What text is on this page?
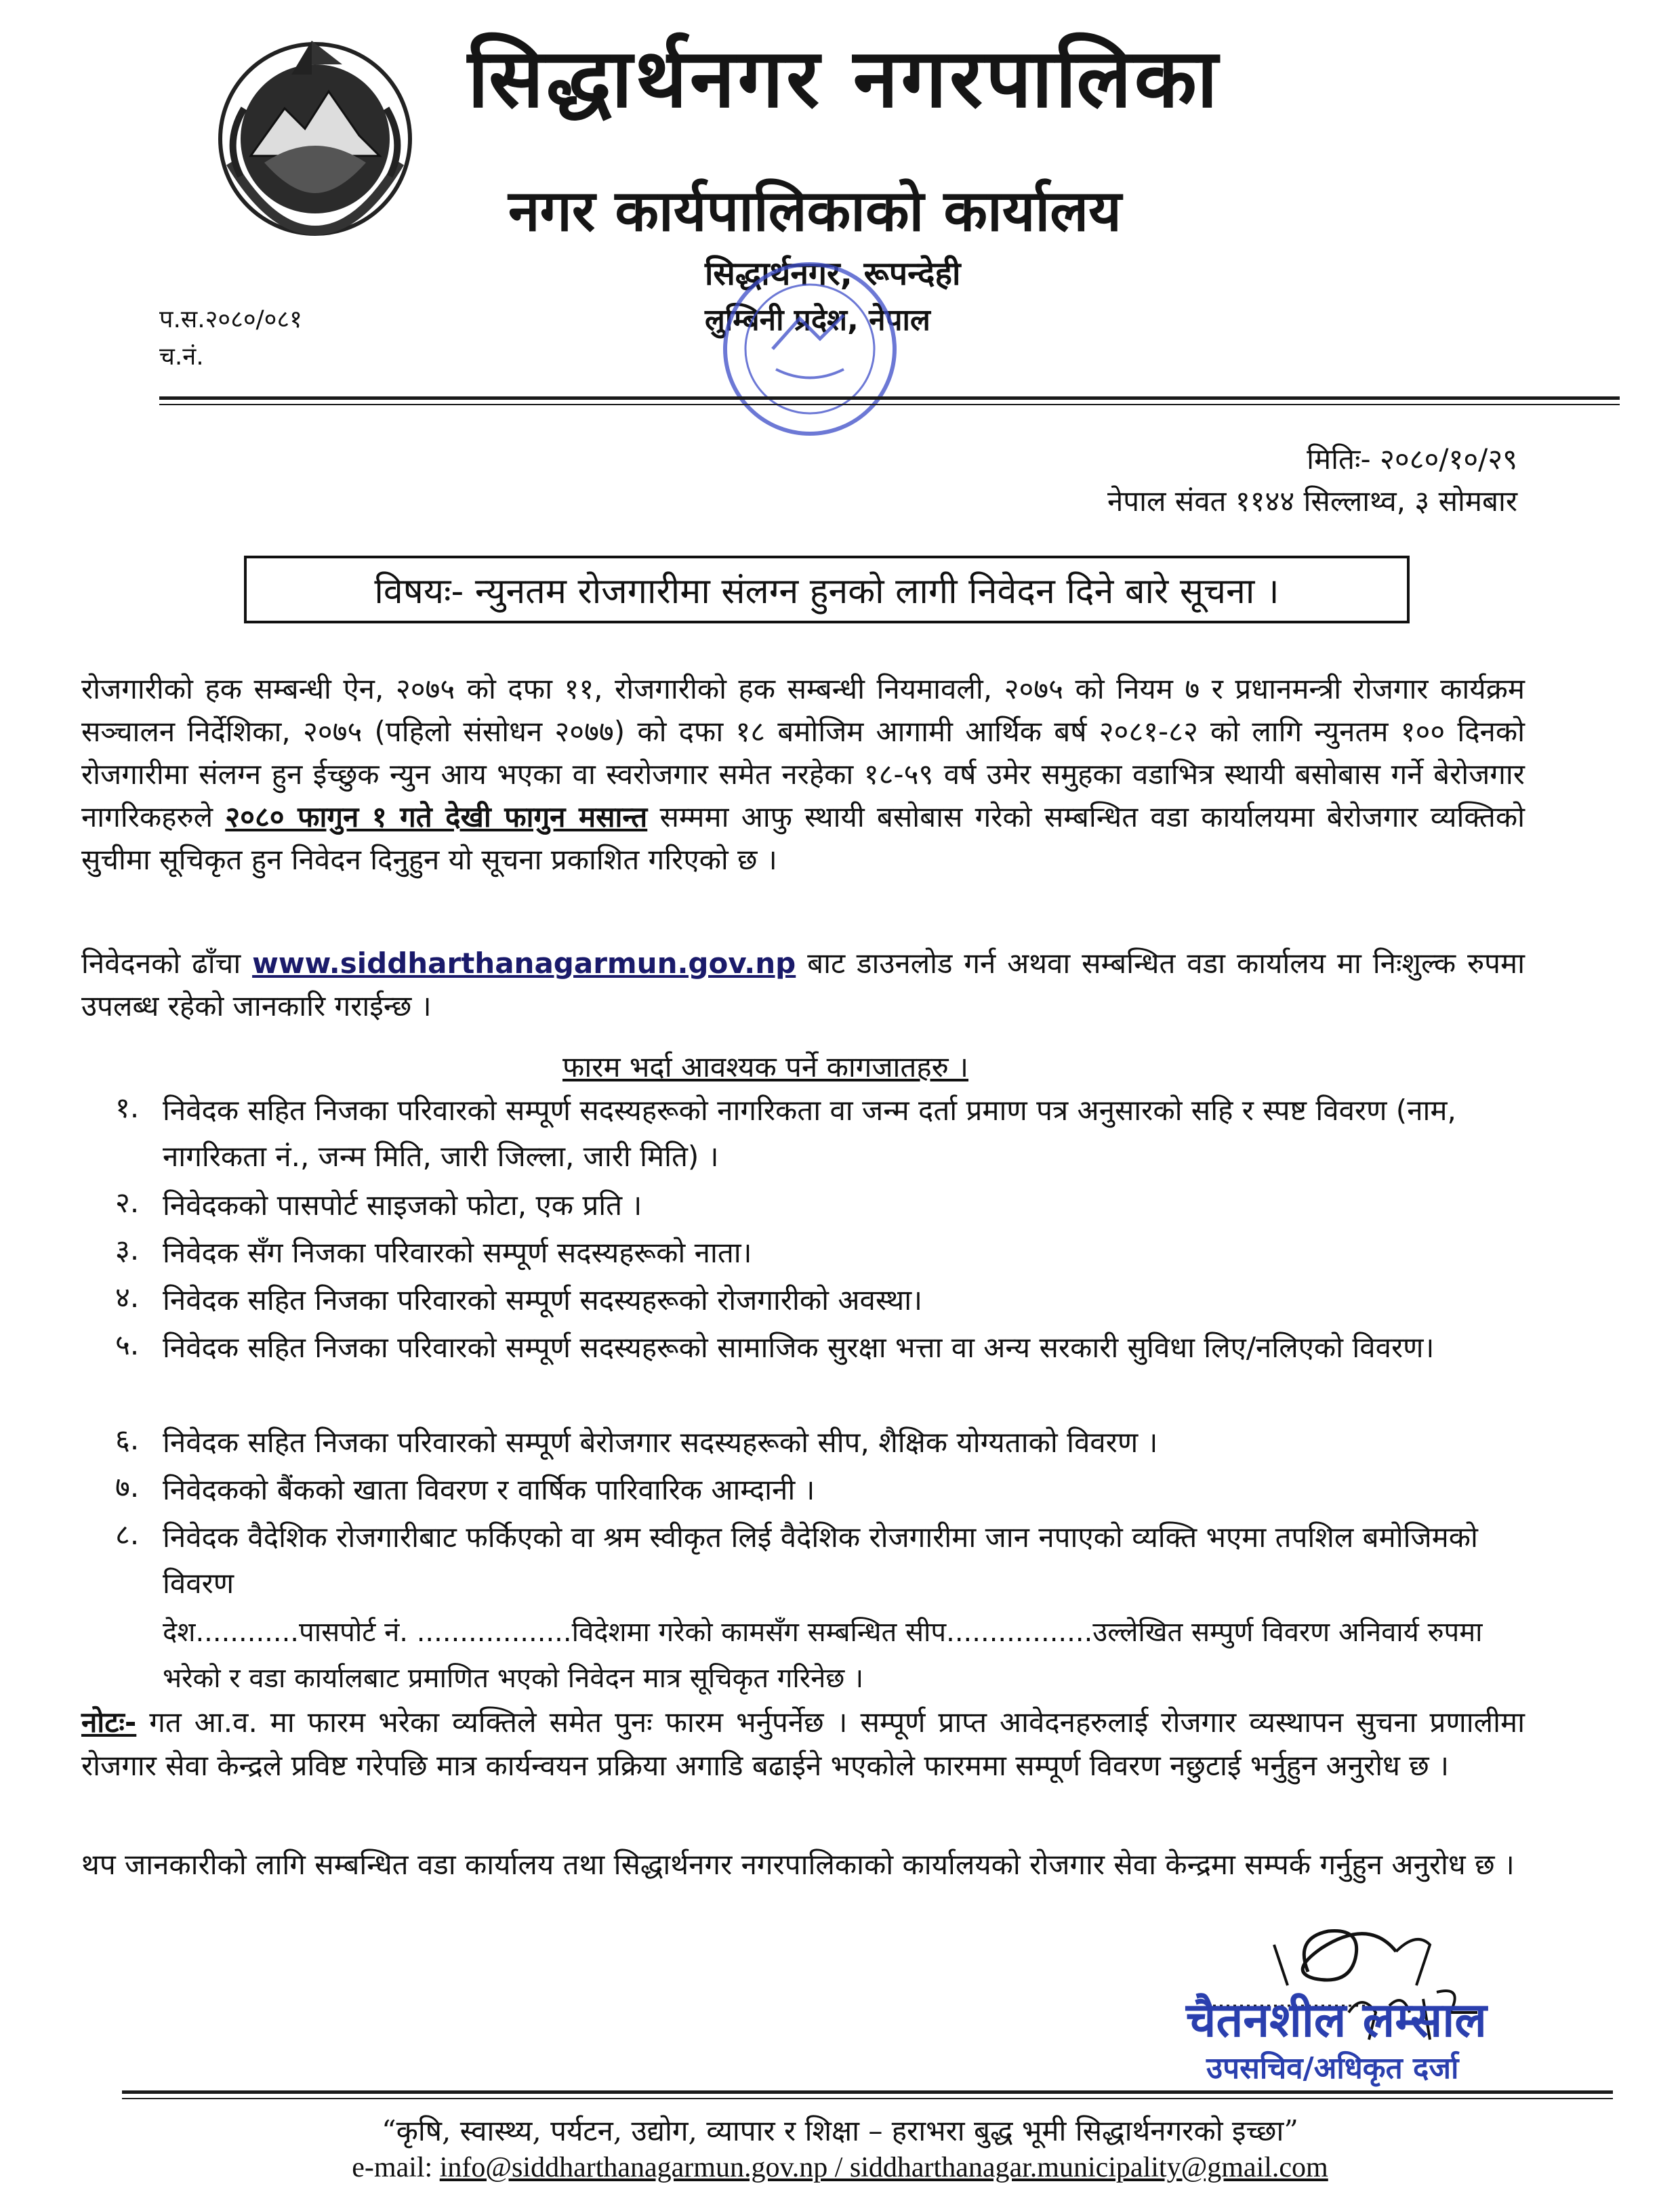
सिद्धार्थनगर नगरपालिका
नगर कार्यपालिकाको कार्यालय
सिद्धार्थनगर, रूपन्देही
लुम्बिनी प्रदेश, नेपाल
प.स.२०८०/०८१
च.नं.
मितिः- २०८०/१०/२९
नेपाल संवत ११४४ सिल्लाथ्व, ३ सोमबार
विषयः- न्युनतम रोजगारीमा संलग्न हुनको लागी निवेदन दिने बारे सूचना ।
रोजगारीको हक सम्बन्धी ऐन, २०७५ को दफा ११, रोजगारीको हक सम्बन्धी नियमावली, २०७५ को नियम ७ र प्रधानमन्त्री रोजगार कार्यक्रम सञ्चालन निर्देशिका, २०७५ (पहिलो संसोधन २०७७) को दफा १८ बमोजिम आगामी आर्थिक बर्ष २०८१-८२ को लागि न्युनतम १०० दिनको रोजगारीमा संलग्न हुन ईच्छुक न्युन आय भएका वा स्वरोजगार समेत नरहेका १८-५९ वर्ष उमेर समुहका वडाभित्र स्थायी बसोबास गर्ने बेरोजगार नागरिकहरुले २०८० फागुन १ गते देखी फागुन मसान्त सम्ममा आफु स्थायी बसोबास गरेको सम्बन्धित वडा कार्यालयमा बेरोजगार व्यक्तिको सुचीमा सूचिकृत हुन निवेदन दिनुहुन यो सूचना प्रकाशित गरिएको छ ।
निवेदनको ढाँचा www.siddharthanagarmun.gov.np बाट डाउनलोड गर्न अथवा सम्बन्धित वडा कार्यालय मा निःशुल्क रुपमा उपलब्ध रहेको जानकारि गराईन्छ ।
फारम भर्दा आवश्यक पर्ने कागजातहरु ।
१. निवेदक सहित निजका परिवारको सम्पूर्ण सदस्यहरूको नागरिकता वा जन्म दर्ता प्रमाण पत्र अनुसारको सहि र स्पष्ट विवरण (नाम, नागरिकता नं., जन्म मिति, जारी जिल्ला, जारी मिति) ।
२. निवेदकको पासपोर्ट साइजको फोटा, एक प्रति ।
३. निवेदक सँग निजका परिवारको सम्पूर्ण सदस्यहरूको नाता।
४. निवेदक सहित निजका परिवारको सम्पूर्ण सदस्यहरूको रोजगारीको अवस्था।
५. निवेदक सहित निजका परिवारको सम्पूर्ण सदस्यहरूको सामाजिक सुरक्षा भत्ता वा अन्य सरकारी सुविधा लिए/नलिएको विवरण।
६. निवेदक सहित निजका परिवारको सम्पूर्ण बेरोजगार सदस्यहरूको सीप, शैक्षिक योग्यताको विवरण ।
७. निवेदकको बैंकको खाता विवरण र वार्षिक पारिवारिक आम्दानी ।
८. निवेदक वैदेशिक रोजगारीबाट फर्किएको वा श्रम स्वीकृत लिई वैदेशिक रोजगारीमा जान नपाएको व्यक्ति भएमा तपशिल बमोजिमको विवरण
देश............पासपोर्ट नं. ..................विदेशमा गरेको कामसँग सम्बन्धित सीप.................उल्लेखित सम्पुर्ण विवरण अनिवार्य रुपमा भरेको र वडा कार्यालबाट प्रमाणित भएको निवेदन मात्र सूचिकृत गरिनेछ ।
नोटः- गत आ.व. मा फारम भरेका व्यक्तिले समेत पुनः फारम भर्नुपर्नेछ । सम्पूर्ण प्राप्त आवेदनहरुलाई रोजगार व्यस्थापन सुचना प्रणालीमा रोजगार सेवा केन्द्रले प्रविष्ट गरेपछि मात्र कार्यन्वयन प्रक्रिया अगाडि बढाईने भएकोले फारममा सम्पूर्ण विवरण नछुटाई भर्नुहुन अनुरोध छ ।
थप जानकारीको लागि सम्बन्धित वडा कार्यालय तथा सिद्धार्थनगर नगरपालिकाको कार्यालयको रोजगार सेवा केन्द्रमा सम्पर्क गर्नुहुन अनुरोध छ ।
चैतनशील लम्साल
उपसचिव/अधिकृत दर्जा
“कृषि, स्वास्थ्य, पर्यटन, उद्योग, व्यापार र शिक्षा – हराभरा बुद्ध भूमी सिद्धार्थनगरको इच्छा”
e-mail: info@siddharthanagarmun.gov.np / siddharthanagar.municipality@gmail.com
